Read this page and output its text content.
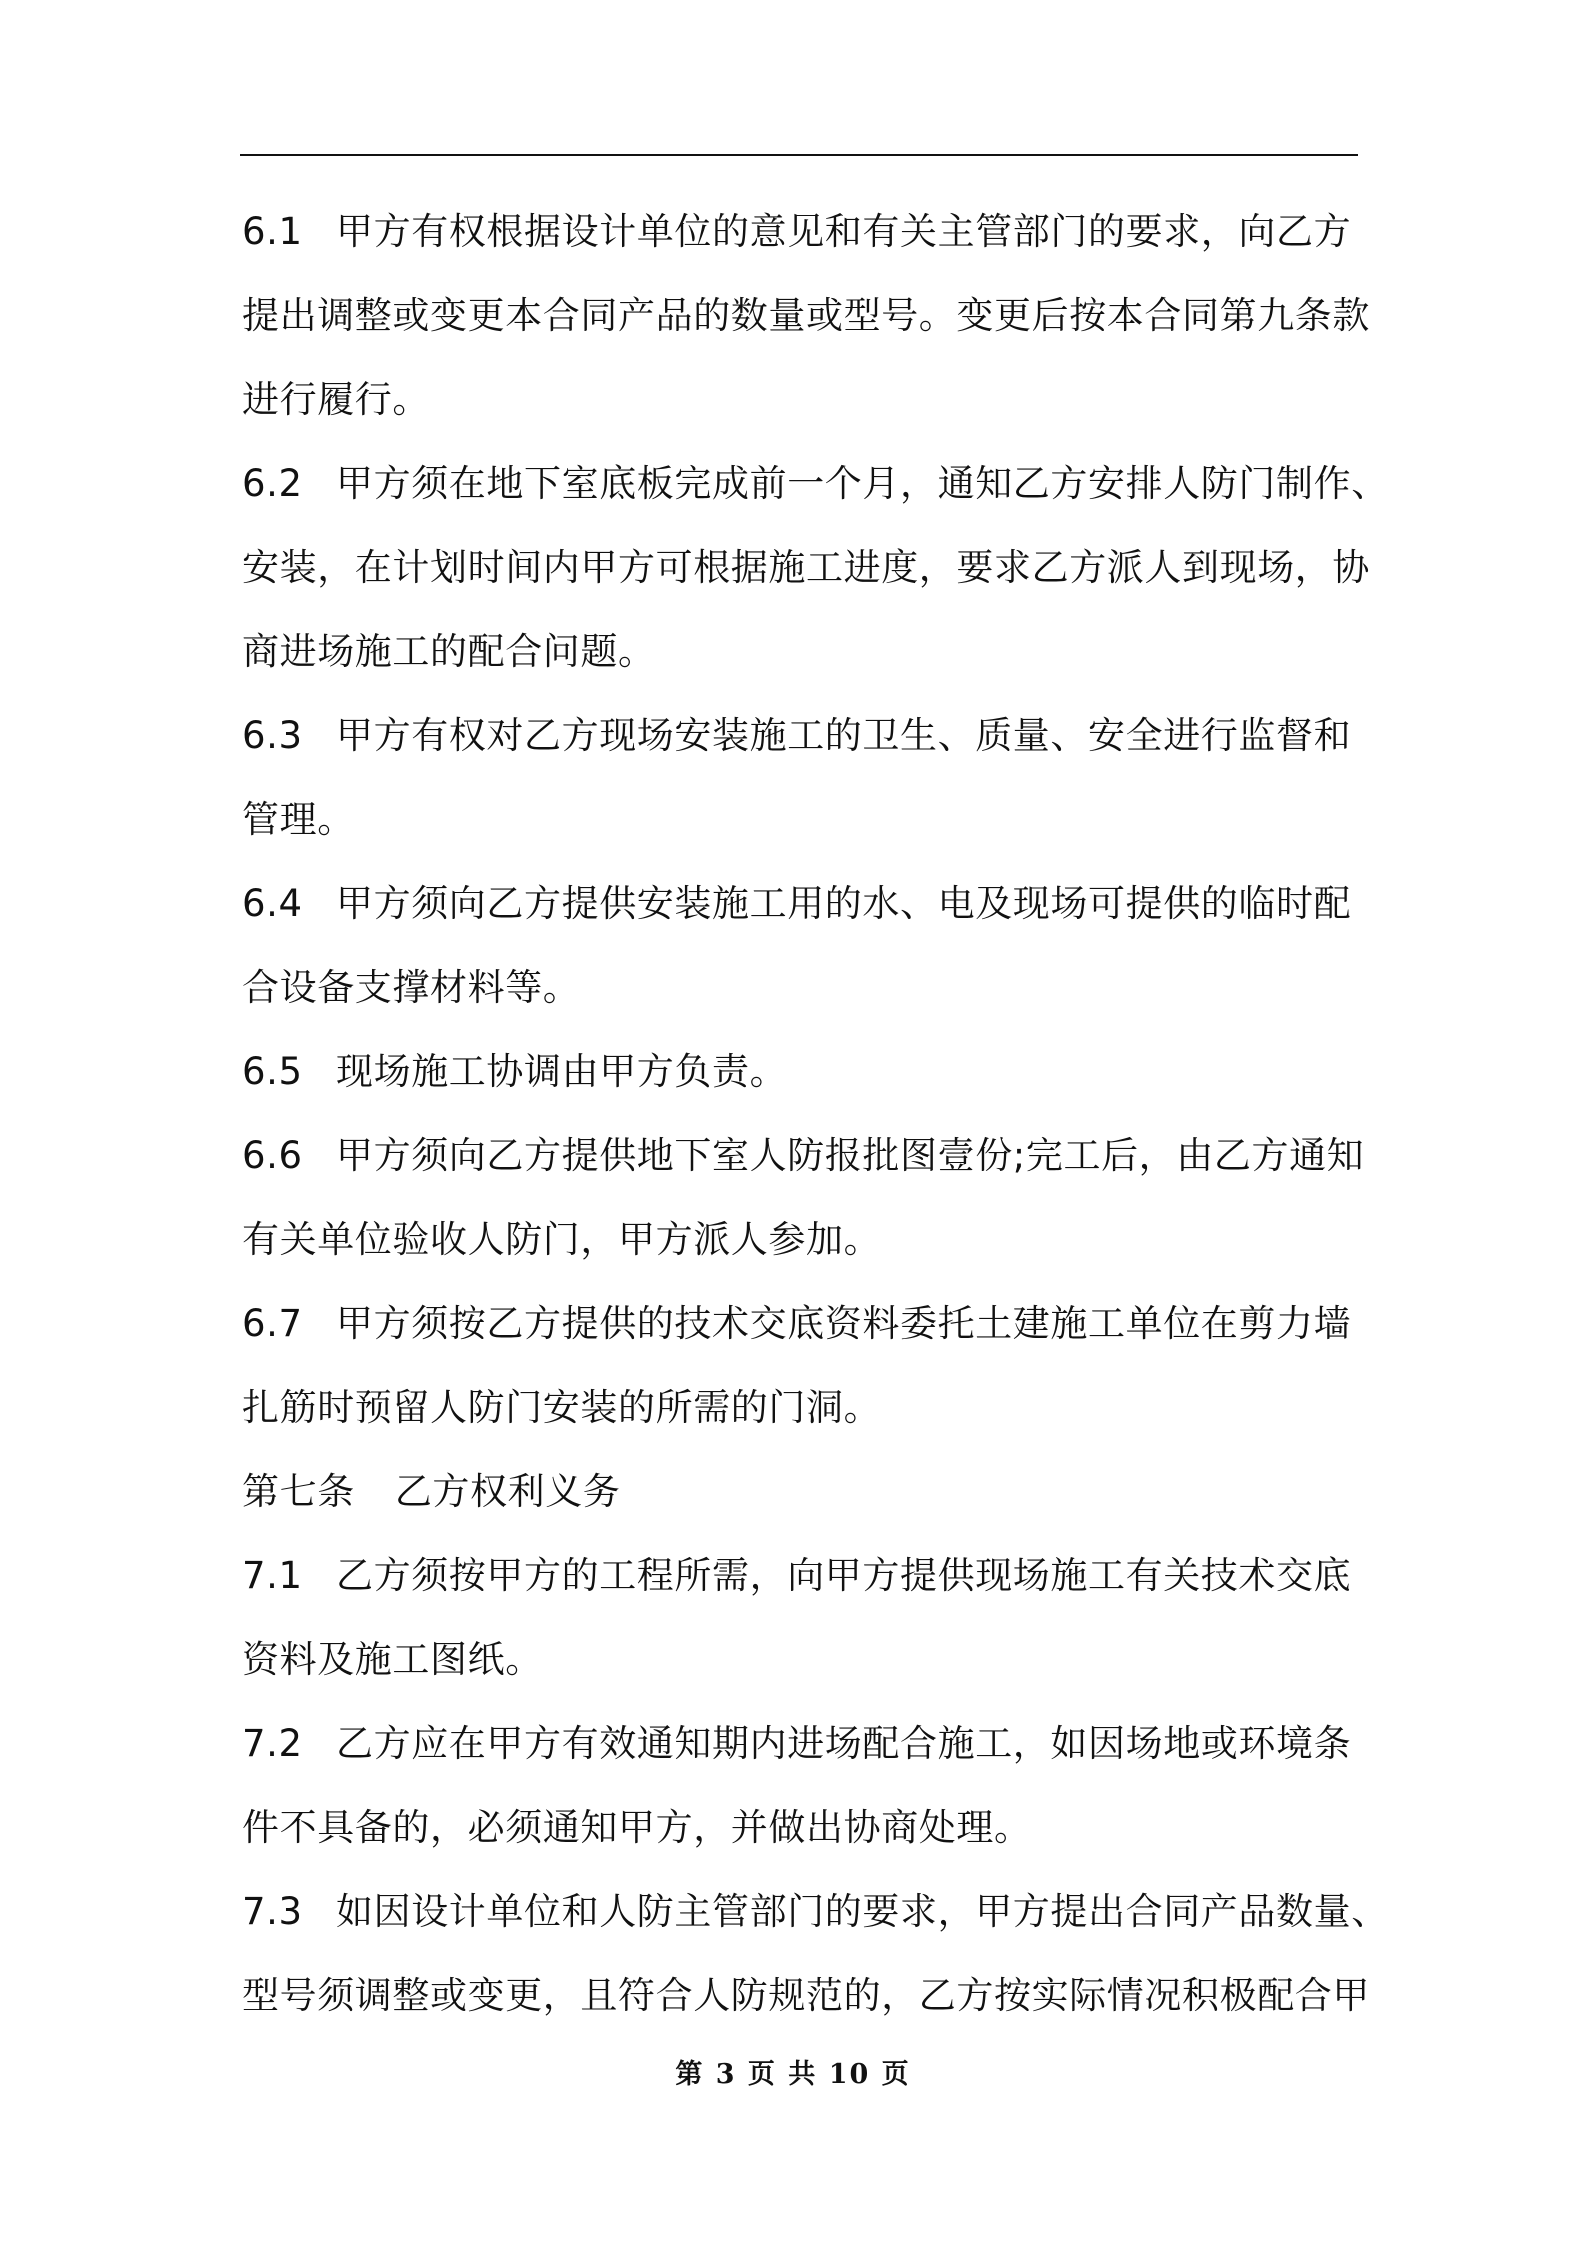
6.1 甲方有权根据设计单位的意见和有关主管部门的要求，向乙方
提出调整或变更本合同产品的数量或型号。变更后按本合同第九条款
进行履行。
6.2 甲方须在地下室底板完成前一个月，通知乙方安排人防门制作、
安装，在计划时间内甲方可根据施工进度，要求乙方派人到现场，协
商进场施工的配合问题。
6.3 甲方有权对乙方现场安装施工的卫生、质量、安全进行监督和
管理。
6.4 甲方须向乙方提供安装施工用的水、电及现场可提供的临时配
合设备支撑材料等。
6.5 现场施工协调由甲方负责。
6.6 甲方须向乙方提供地下室人防报批图壹份;完工后，由乙方通知
有关单位验收人防门，甲方派人参加。
6.7 甲方须按乙方提供的技术交底资料委托土建施工单位在剪力墙
扎筋时预留人防门安装的所需的门洞。
第七条 乙方权利义务
7.1 乙方须按甲方的工程所需，向甲方提供现场施工有关技术交底
资料及施工图纸。
7.2 乙方应在甲方有效通知期内进场配合施工，如因场地或环境条
件不具备的，必须通知甲方，并做出协商处理。
7.3 如因设计单位和人防主管部门的要求，甲方提出合同产品数量、
型号须调整或变更，且符合人防规范的，乙方按实际情况积极配合甲
第 3 页 共 10 页
